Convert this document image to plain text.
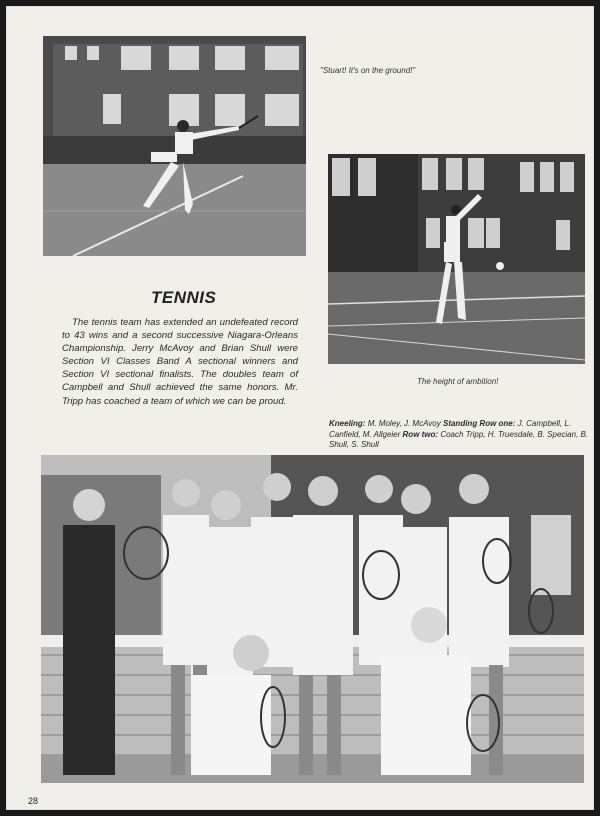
"Stuart! It's on the ground!"
TENNIS
The tennis team has extended an undefeated record to 43 wins and a second successive Niagara-Orleans Championship. Jerry McAvoy and Brian Shull were Section VI Classes Band A sectional winners and Section VI sectional finalists. The doubles team of Campbell and Shull achieved the same honors. Mr. Tripp has coached a team of which we can be proud.
The height of ambition!
Kneeling: M. Moley, J. McAvoy Standing Row one: J. Campbell, L. Canfield, M. Allgeier Row two: Coach Tripp, H. Truesdale, B. Specian, B. Shull, S. Shull
28
